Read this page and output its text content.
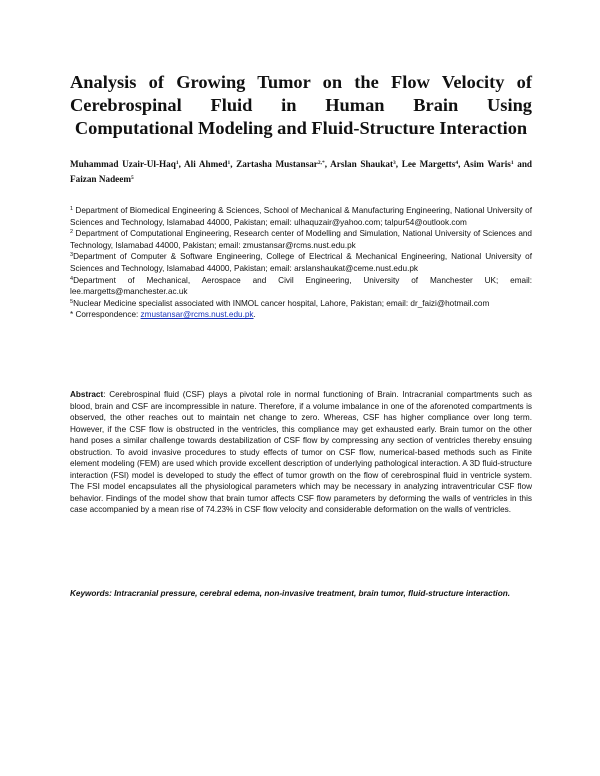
Analysis of Growing Tumor on the Flow Velocity of Cerebrospinal Fluid in Human Brain Using Computational Modeling and Fluid-Structure Interaction
Muhammad Uzair-Ul-Haq$^1$, Ali Ahmed$^1$, Zartasha Mustansar$^{2,*}$, Arslan Shaukat$^3$, Lee Margetts$^4$, Asim Waris$^1$ and Faizan Nadeem$^5$

$^1$ Department of Biomedical Engineering & Sciences, School of Mechanical & Manufacturing Engineering, National University of Sciences and Technology, Islamabad 44000, Pakistan; email: ulhaquzair@yahoo.com; talpur54@outlook.com

$^2$ Department of Computational Engineering, Research center of Modelling and Simulation, National University of Sciences and Technology, Islamabad 44000, Pakistan; email: zmustansar@rcms.nust.edu.pk

$^3$Department of Computer & Software Engineering, College of Electrical & Mechanical Engineering, National University of Sciences and Technology, Islamabad 44000, Pakistan; email: arslanshaukat@ceme.nust.edu.pk

$^4$Department of Mechanical, Aerospace and Civil Engineering, University of Manchester UK; email: lee.margetts@manchester.ac.uk

$^5$Nuclear Medicine specialist associated with INMOL cancer hospital, Lahore, Pakistan; email: dr_faizi@hotmail.com

* Correspondence: zmustansar@rcms.nust.edu.pk.

Abstract: Cerebrospinal fluid (CSF) plays a pivotal role in normal functioning of Brain. Intracranial compartments such as blood, brain and CSF are incompressible in nature. Therefore, if a volume imbalance in one of the aforenoted compartments is observed, the other reaches out to maintain net change to zero. Whereas, CSF has higher compliance over long term. However, if the CSF flow is obstructed in the ventricles, this compliance may get exhausted early. Brain tumor on the other hand poses a similar challenge towards destabilization of CSF flow by compressing any section of ventricles thereby ensuing obstruction. To avoid invasive procedures to study effects of tumor on CSF flow, numerical-based methods such as Finite element modeling (FEM) are used which provide excellent description of underlying pathological interaction. A 3D fluid-structure interaction (FSI) model is developed to study the effect of tumor growth on the flow of cerebrospinal fluid in ventricle system. The FSI model encapsulates all the physiological parameters which may be necessary in analyzing intraventricular CSF flow behavior. Findings of the model show that brain tumor affects CSF flow parameters by deforming the walls of ventricles in this case accompanied by a mean rise of 74.23% in CSF flow velocity and considerable deformation on the walls of ventricles.

Keywords: Intracranial pressure, cerebral edema, non-invasive treatment, brain tumor, fluid-structure interaction.
